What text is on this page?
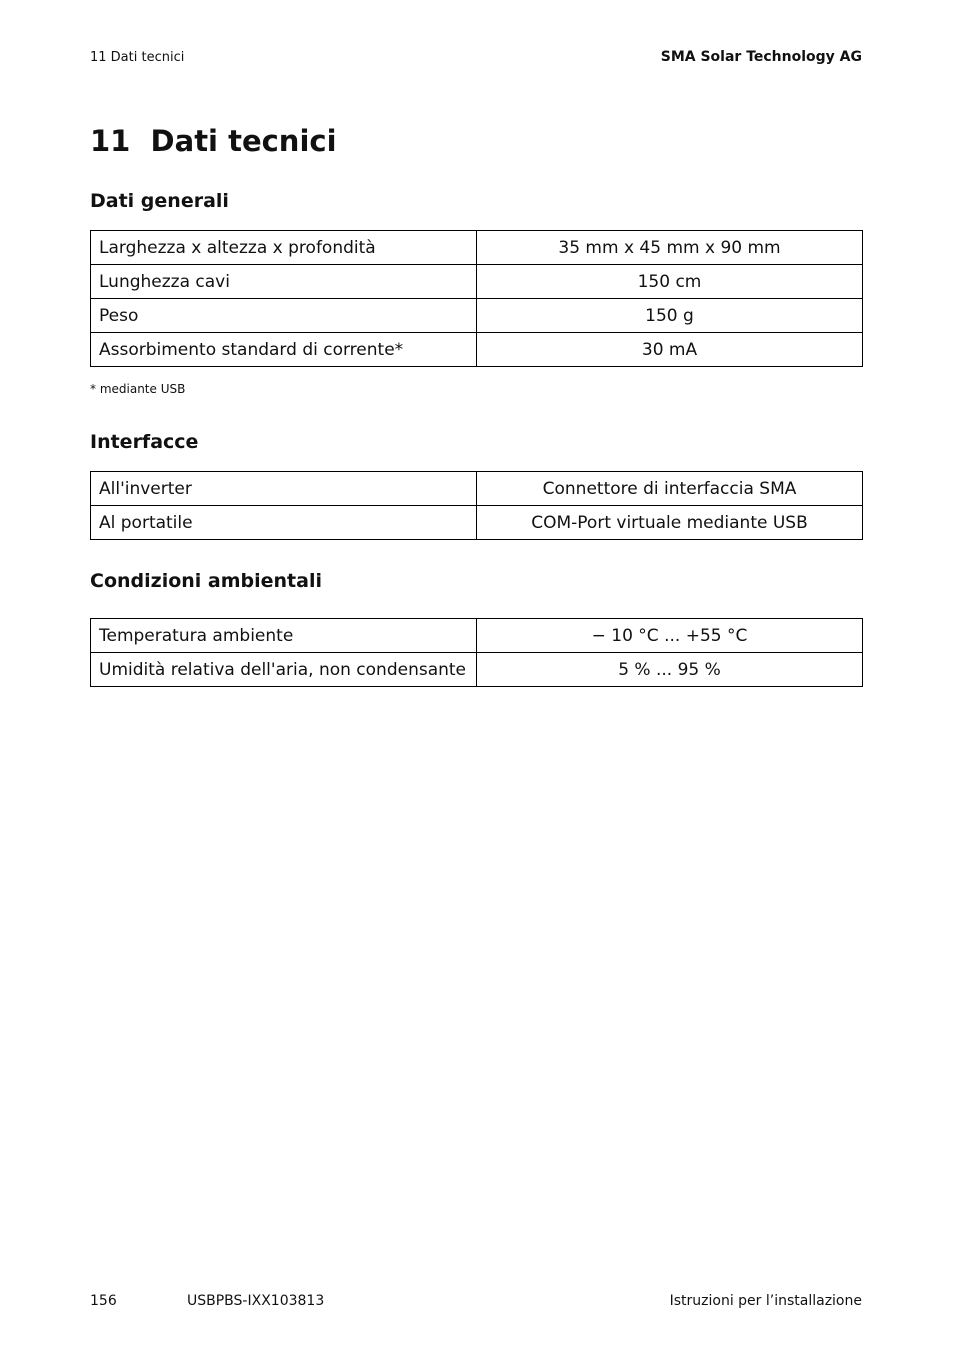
11 Dati tecnici	SMA Solar Technology AG
11  Dati tecnici
Dati generali
Larghezza x altezza x profondità	35 mm x 45 mm x 90 mm
Lunghezza cavi	150 cm
Peso	150 g
Assorbimento standard di corrente*	30 mA
* mediante USB
Interfacce
All'inverter	Connettore di interfaccia SMA
Al portatile	COM-Port virtuale mediante USB
Condizioni ambientali
Temperatura ambiente	− 10 °C ... +55 °C
Umidità relativa dell'aria, non condensante	5 % ... 95 %
156	USBPBS-IXX103813	Istruzioni per l’installazione
